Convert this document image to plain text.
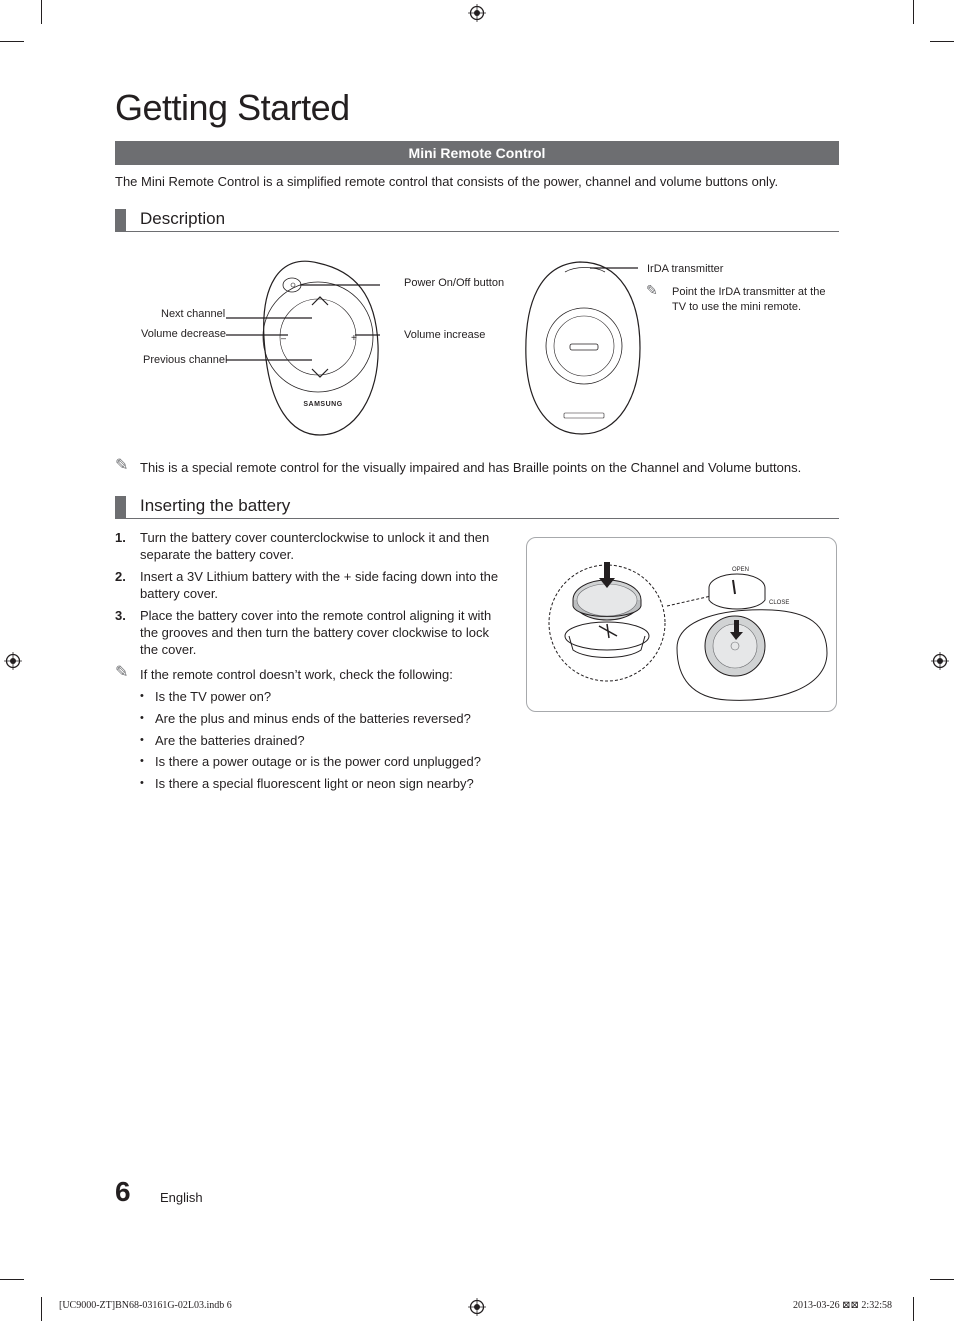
Getting Started
Mini Remote Control
The Mini Remote Control is a simplified remote control that consists of the power, channel and volume buttons only.
Description
–	+
SAMSUNG
Next channel
Volume decrease
Previous channel
Power On/Off button
Volume increase
IrDA transmitter
✎ Point the IrDA transmitter at the TV to use the mini remote.
✎ This is a special remote control for the visually impaired and has Braille points on the Channel and Volume buttons.
Inserting the battery
1. Turn the battery cover counterclockwise to unlock it and then separate the battery cover.
2. Insert a 3V Lithium battery with the + side facing down into the battery cover.
3. Place the battery cover into the remote control aligning it with the grooves and then turn the battery cover clockwise to lock the cover.
✎ If the remote control doesn’t work, check the following:
• Is the TV power on?
• Are the plus and minus ends of the batteries reversed?
• Are the batteries drained?
• Is there a power outage or is the power cord unplugged?
• Is there a special fluorescent light or neon sign nearby?
OPEN
CLOSE
6 English
[UC9000-ZT]BN68-03161G-02L03.indb 6	2013-03-26 ⊠⊠ 2:32:58
